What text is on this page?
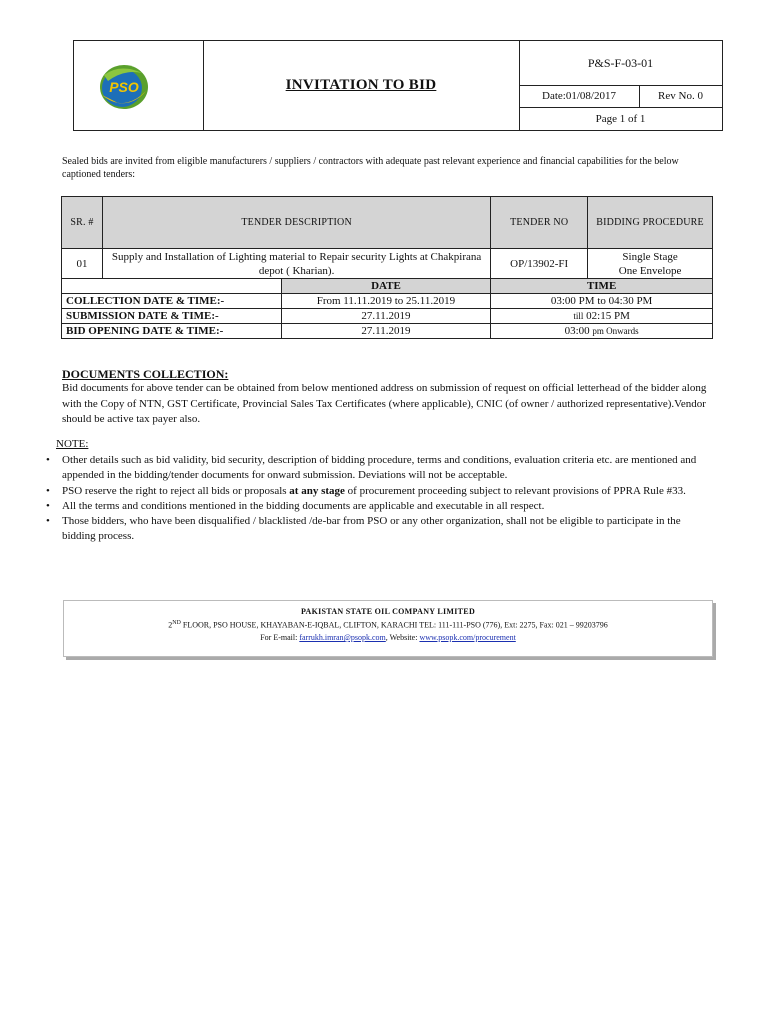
PSO	INVITATION TO BID
P&S-F-03-01
Date:01/08/2017	Rev No. 0
Page 1 of 1
Sealed bids are invited from eligible manufacturers / suppliers / contractors with adequate past relevant experience and financial capabilities for the below captioned tenders:
SR. #	TENDER DESCRIPTION		TENDER NO	BIDDING PROCEDURE
01	Supply and Installation of Lighting material to Repair security Lights at Chakpirana depot ( Kharian).		OP/13902-FI	Single Stage
One Envelope
		DATE	TIME	
COLLECTION DATE & TIME:-		From 11.11.2019 to 25.11.2019	03:00 PM to 04:30 PM	
SUBMISSION DATE & TIME:-		27.11.2019	till 02:15 PM	
BID OPENING DATE & TIME:-		27.11.2019	03:00 pm Onwards	
DOCUMENTS COLLECTION:
Bid documents for above tender can be obtained from below mentioned address on submission of request on official letterhead of the bidder along with the Copy of NTN, GST Certificate, Provincial Sales Tax Certificates (where applicable), CNIC (of owner / authorized representative).Vendor should be active tax payer also.
NOTE:
• Other details such as bid validity, bid security, description of bidding procedure, terms and conditions, evaluation criteria etc. are mentioned and appended in the bidding/tender documents for onward submission. Deviations will not be acceptable.
• PSO reserve the right to reject all bids or proposals at any stage of procurement proceeding subject to relevant provisions of PPRA Rule #33.
• All the terms and conditions mentioned in the bidding documents are applicable and executable in all respect.
• Those bidders, who have been disqualified / blacklisted /de-bar from PSO or any other organization, shall not be eligible to participate in the bidding process.
PAKISTAN STATE OIL COMPANY LIMITED
2ND FLOOR, PSO HOUSE, KHAYABAN-E-IQBAL, CLIFTON, KARACHI TEL: 111-111-PSO (776), Ext: 2275, Fax: 021 – 99203796
For E-mail: farrukh.imran@psopk.com, Website: www.psopk.com/procurement
